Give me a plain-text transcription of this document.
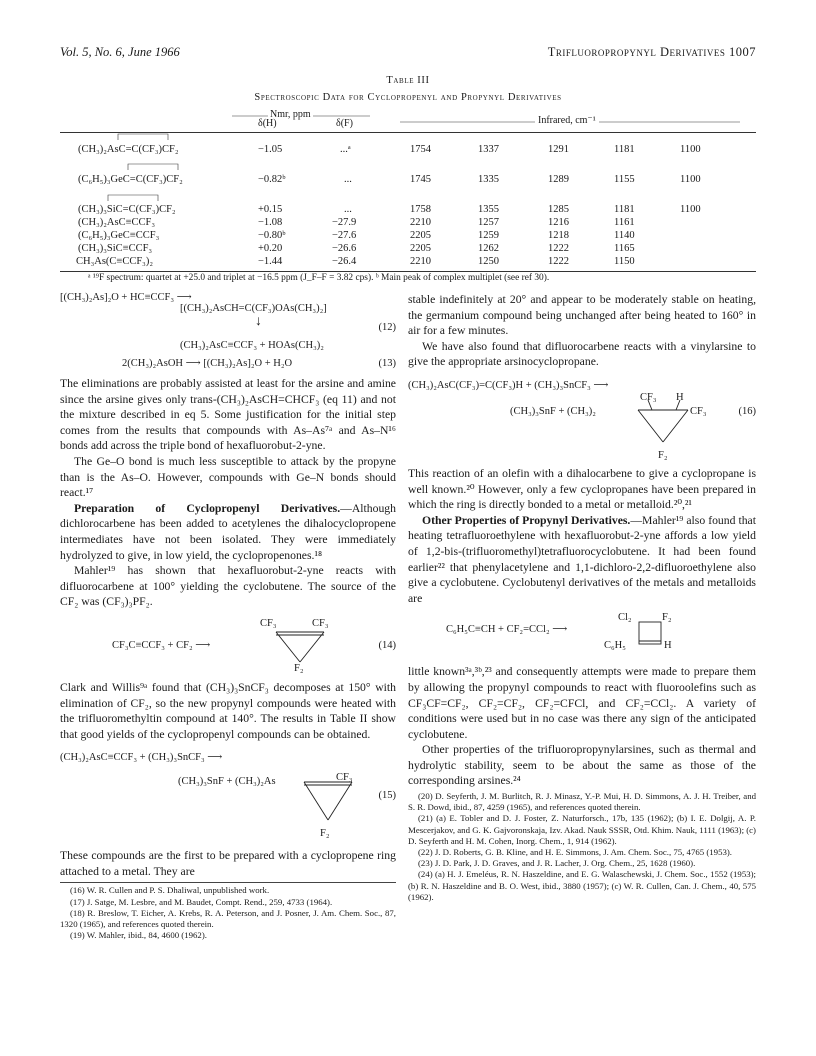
Vol. 5, No. 6, June 1966	Trifluoropropynyl Derivatives 1007
Table III
Spectroscopic Data for Cyclopropenyl and Propynyl Derivatives
Nmr, ppm
δ(H)	δ(F)	Infrared, cm⁻¹
(CH₃)₂AsC=C(CF₃)CF₂	−1.05	...ᵃ	1754	1337	1291	1181	1100
(C₆H₅)₃GeC=C(CF₃)CF₂	−0.82ᵇ	...	1745	1335	1289	1155	1100
(CH₃)₃SiC=C(CF₃)CF₂	+0.15	...	1758	1355	1285	1181	1100
(CH₃)₂AsC≡CCF₃	−1.08	−27.9	2210	1257	1216	1161
(C₆H₅)₃GeC≡CCF₃	−0.80ᵇ	−27.6	2205	1259	1218	1140
(CH₃)₃SiC≡CCF₃	+0.20	−26.6	2205	1262	1222	1165
CH₃As(C≡CCF₃)₂	−1.44	−26.4	2210	1250	1222	1150
ᵃ ¹⁹F spectrum: quartet at +25.0 and triplet at −16.5 ppm (J_F–F = 3.82 cps). ᵇ Main peak of complex multiplet (see ref 30).
[(CH₃)₂As]₂O + HC≡CCF₃ ⟶
[(CH₃)₂AsCH=C(CF₃)OAs(CH₃)₂]
↓	(12)
(CH₃)₂AsC≡CCF₃ + HOAs(CH₃)₂
2(CH₃)₂AsOH ⟶ [(CH₃)₂As]₂O + H₂O	(13)

The eliminations are probably assisted at least for the arsine and amine since the arsine gives only trans-(CH₃)₂AsCH=CHCF₃ (eq 11) and not the mixture described in eq 5. Some justification for the initial step comes from the results that compounds with As–As⁷ᵃ and As–N¹⁶ bonds add across the triple bond of hexafluorobut-2-yne.

The Ge–O bond is much less susceptible to attack by the propyne than is the As–O. However, compounds with Ge–N bonds should react.¹⁷

Preparation of Cyclopropenyl Derivatives.—Although dichlorocarbene has been added to acetylenes the dihalocyclopropene intermediates have not been isolated. They were immediately hydrolyzed to give, in low yield, the cyclopropenones.¹⁸

Mahler¹⁹ has shown that hexafluorobut-2-yne reacts with difluorocarbene at 100° yielding the cyclobutene. The source of the CF₂ was (CF₃)₃PF₂.

CF₃C≡CCF₃ + CF₂ ⟶
CF₃	CF₃
F₂
(14)

Clark and Willis⁹ᵃ found that (CH₃)₃SnCF₃ decomposes at 150° with elimination of CF₂, so the new propynyl compounds were heated with the trifluoromethyltin compound at 140°. The results in Table II show that good yields of the cyclopropenyl compounds can be obtained.

(CH₃)₂AsC≡CCF₃ + (CH₃)₃SnCF₃ ⟶
(CH₃)₃SnF + (CH₃)₂As	CF₃
F₂
(15)

These compounds are the first to be prepared with a cyclopropene ring attached to a metal. They are

(16) W. R. Cullen and P. S. Dhaliwal, unpublished work.

(17) J. Satge, M. Lesbre, and M. Baudet, Compt. Rend., 259, 4733 (1964).

(18) R. Breslow, T. Eicher, A. Krebs, R. A. Peterson, and J. Posner, J. Am. Chem. Soc., 87, 1320 (1965), and references quoted therein.

(19) W. Mahler, ibid., 84, 4600 (1962).

stable indefinitely at 20° and appear to be moderately stable on heating, the germanium compound being unchanged after being heated to 160° in air for a few minutes.

We have also found that difluorocarbene reacts with a vinylarsine to give the appropriate arsinocyclopropane.

(CH₃)₂AsC(CF₃)=C(CF₃)H + (CH₃)₃SnCF₃ ⟶
(CH₃)₃SnF + (CH₃)₂
CF₃ H
CF₃
F₂
(16)

This reaction of an olefin with a dihalocarbene to give a cyclopropane is well known.²⁰ However, only a few cyclopropanes have been prepared in which the ring is directly bonded to a metal or metalloid.²⁰,²¹

Other Properties of Propynyl Derivatives.—Mahler¹⁹ also found that heating tetrafluoroethylene with hexafluorobut-2-yne affords a low yield of 1,2-bis-(trifluoromethyl)tetrafluorocyclobutene. It had been found earlier²² that phenylacetylene and 1,1-dichloro-2,2-difluoroethylene also give a cyclobutene. Cyclobutenyl derivatives of the metals and metalloids are

C₆H₅C≡CH + CF₂=CCl₂ ⟶
Cl₂	F₂
C₆H₅	H

little known³ᵃ,³ᵇ,²³ and consequently attempts were made to prepare them by allowing the propynyl compounds to react with fluoroolefins such as CF₃CF=CF₂, CF₂=CF₂, CF₂=CFCl, and CF₂=CCl₂. A variety of conditions were used but in no case was there any sign of the anticipated cyclobutene.

Other properties of the trifluoropropynylarsines, such as thermal and hydrolytic stability, seem to be about the same as those of the corresponding arsines.²⁴

(20) D. Seyferth, J. M. Burlitch, R. J. Minasz, Y.-P. Mui, H. D. Simmons, A. J. H. Treiber, and S. R. Dowd, ibid., 87, 4259 (1965), and references quoted therein.

(21) (a) E. Tobler and D. J. Foster, Z. Naturforsch., 17b, 135 (1962); (b) I. E. Dolgij, A. P. Mescerjakov, and G. K. Gajvoronskaja, Izv. Akad. Nauk SSSR, Otd. Khim. Nauk, 1111 (1963); (c) D. Seyferth and H. M. Cohen, Inorg. Chem., 1, 914 (1962).

(22) J. D. Roberts, G. B. Kline, and H. E. Simmons, J. Am. Chem. Soc., 75, 4765 (1953).

(23) J. D. Park, J. D. Graves, and J. R. Lacher, J. Org. Chem., 25, 1628 (1960).

(24) (a) H. J. Emeléus, R. N. Haszeldine, and E. G. Walaschewski, J. Chem. Soc., 1552 (1953); (b) R. N. Haszeldine and B. O. West, ibid., 3880 (1957); (c) W. R. Cullen, Can. J. Chem., 40, 575 (1962).
